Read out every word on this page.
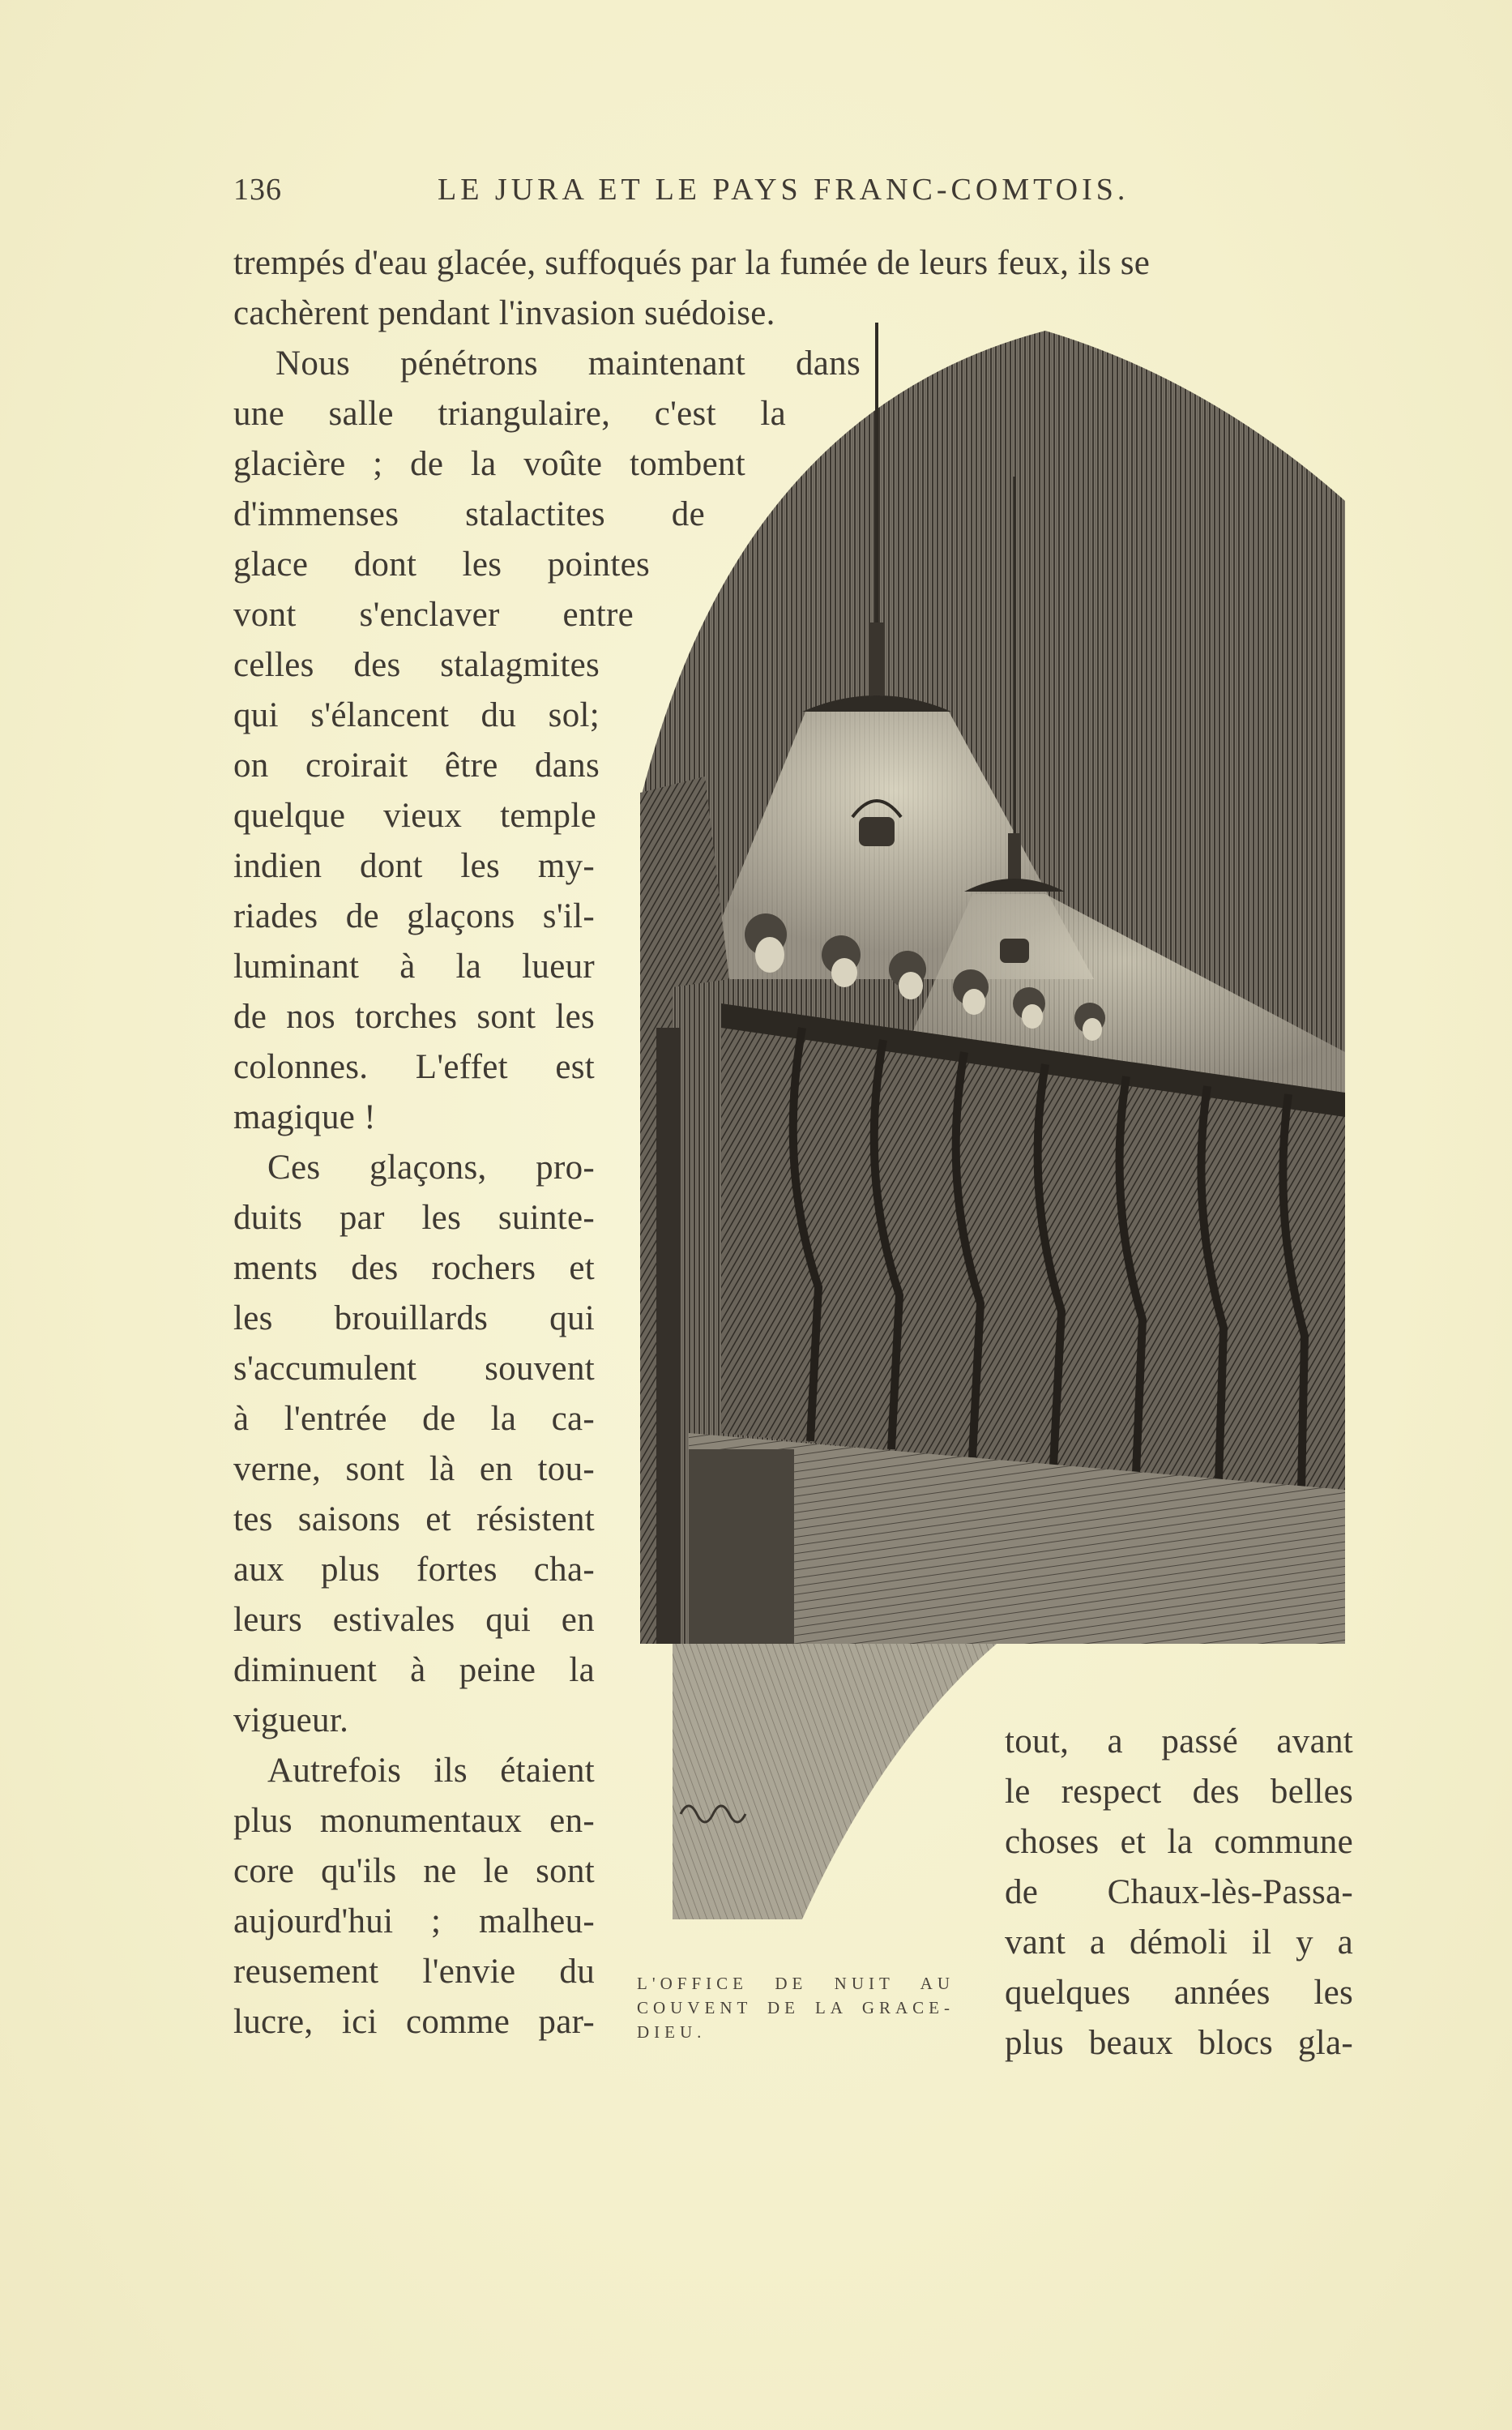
136	LE JURA ET LE PAYS FRANC-COMTOIS.
trempés d'eau glacée, suffoqués par la fumée de leurs feux, ils se
cachèrent pendant l'invasion suédoise.
Nous pénétrons maintenant dans
une salle triangulaire, c'est la
glacière ; de la voûte tombent
d'immenses stalactites de
glace dont les pointes
vont s'enclaver entre
celles des stalagmites
qui s'élancent du sol;
on croirait être dans
quelque vieux temple
indien dont les my-
riades de glaçons s'il-
luminant à la lueur
de nos torches sont les
colonnes. L'effet est
magique !
Ces glaçons, pro-
duits par les suinte-
ments des rochers et
les brouillards qui
s'accumulent souvent
à l'entrée de la ca-
verne, sont là en tou-
tes saisons et résistent
aux plus fortes cha-
leurs estivales qui en
diminuent à peine la
vigueur.
Autrefois ils étaient
plus monumentaux en-
core qu'ils ne le sont
aujourd'hui ; malheu-
reusement l'envie du
lucre, ici comme par-
tout, a passé avant
le respect des belles
choses et la commune
de Chaux-lès-Passa-
vant a démoli il y a
quelques années les
plus beaux blocs gla-
L'OFFICE DE NUIT AU COUVENT DE LA GRACE-DIEU.
